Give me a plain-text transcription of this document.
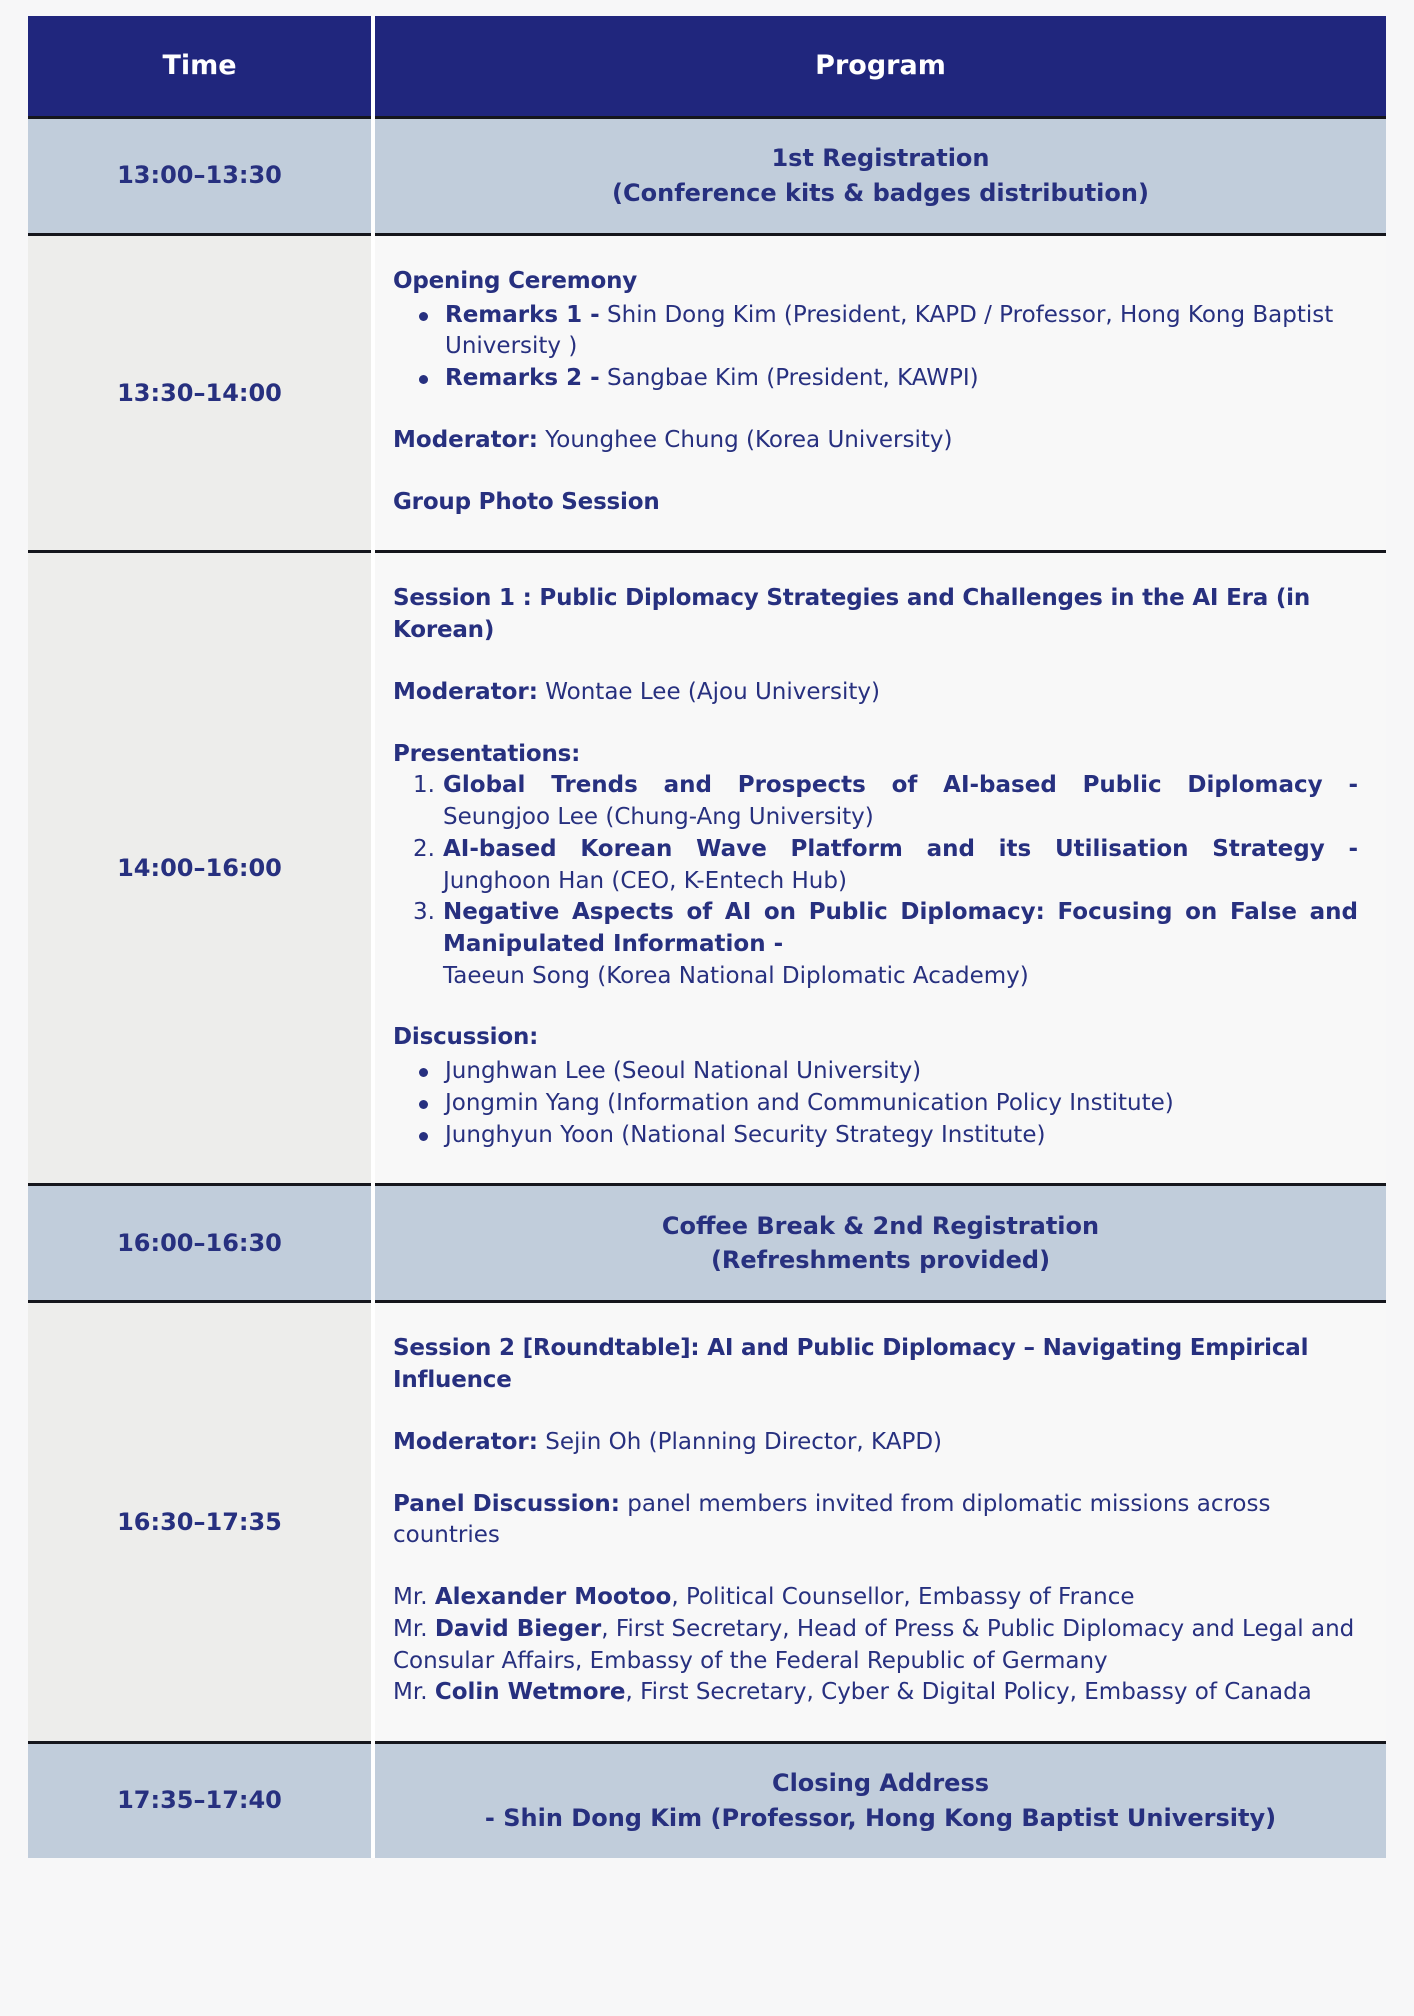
Time	Program
13:00–13:30
1st Registration
(Conference kits & badges distribution)
13:30–14:00
Opening Ceremony
Remarks 1 - Shin Dong Kim (President, KAPD / Professor, Hong Kong Baptist University )
Remarks 2 - Sangbae Kim (President, KAWPI)
Moderator: Younghee Chung (Korea University)
Group Photo Session
14:00–16:00
Session 1 : Public Diplomacy Strategies and Challenges in the AI Era (in Korean)
Moderator: Wontae Lee (Ajou University)
Presentations:
1. Global Trends and Prospects of AI-based Public Diplomacy -
Seungjoo Lee (Chung-Ang University)
2. AI-based Korean Wave Platform and its Utilisation Strategy -
Junghoon Han (CEO, K-Entech Hub)
3. Negative Aspects of AI on Public Diplomacy: Focusing on False and Manipulated Information -
Taeeun Song (Korea National Diplomatic Academy)
Discussion:
Junghwan Lee (Seoul National University)
Jongmin Yang (Information and Communication Policy Institute)
Junghyun Yoon (National Security Strategy Institute)
16:00–16:30
Coffee Break & 2nd Registration
(Refreshments provided)
16:30–17:35
Session 2 [Roundtable]: AI and Public Diplomacy – Navigating Empirical Influence
Moderator: Sejin Oh (Planning Director, KAPD)
Panel Discussion: panel members invited from diplomatic missions across countries
Mr. Alexander Mootoo, Political Counsellor, Embassy of France
Mr. David Bieger, First Secretary, Head of Press & Public Diplomacy and Legal and Consular Affairs, Embassy of the Federal Republic of Germany
Mr. Colin Wetmore, First Secretary, Cyber & Digital Policy, Embassy of Canada
17:35–17:40
Closing Address
- Shin Dong Kim (Professor, Hong Kong Baptist University)
